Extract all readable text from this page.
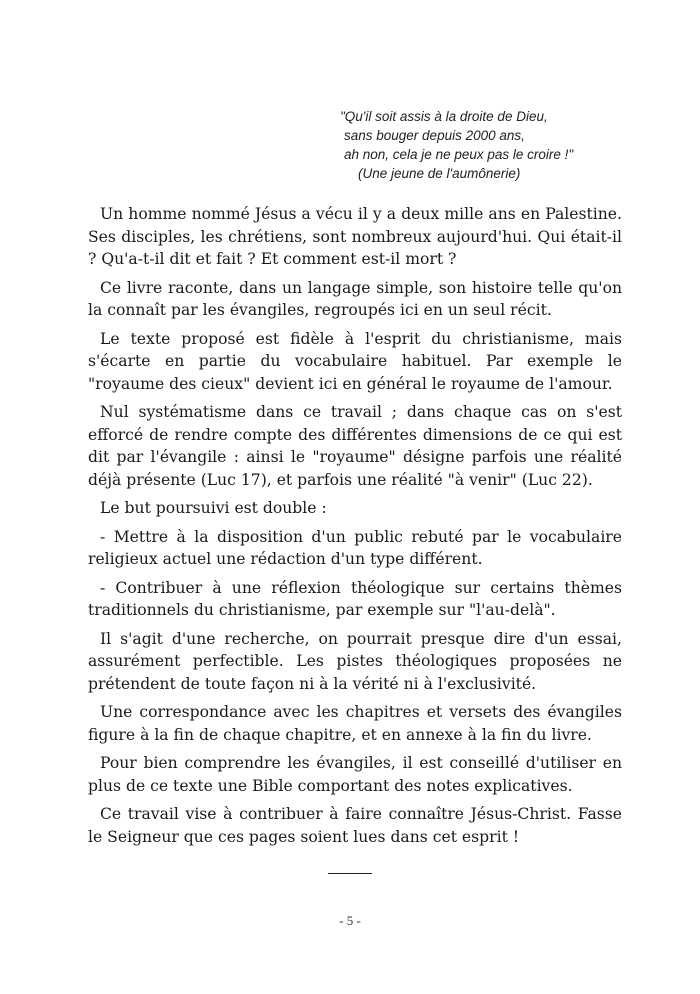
"Qu'il soit assis à la droite de Dieu,
sans bouger depuis 2000 ans,
ah non, cela je ne peux pas le croire !"
(Une jeune de l'aumônerie)

Un homme nommé Jésus a vécu il y a deux mille ans en Palestine. Ses disciples, les chrétiens, sont nombreux aujourd'hui. Qui était-il ? Qu'a-t-il dit et fait ? Et comment est-il mort ?

Ce livre raconte, dans un langage simple, son histoire telle qu'on la connaît par les évangiles, regroupés ici en un seul récit.

Le texte proposé est fidèle à l'esprit du christianisme, mais s'écarte en partie du vocabulaire habituel. Par exemple le "royaume des cieux" devient ici en général le royaume de l'amour.

Nul systématisme dans ce travail ; dans chaque cas on s'est efforcé de rendre compte des différentes dimensions de ce qui est dit par l'évangile : ainsi le "royaume" désigne parfois une réalité déjà présente (Luc 17), et parfois une réalité "à venir" (Luc 22).

Le but poursuivi est double :

- Mettre à la disposition d'un public rebuté par le vocabulaire religieux actuel une rédaction d'un type différent.

- Contribuer à une réflexion théologique sur certains thèmes traditionnels du christianisme, par exemple sur "l'au-delà".

Il s'agit d'une recherche, on pourrait presque dire d'un essai, assurément perfectible. Les pistes théologiques proposées ne prétendent de toute façon ni à la vérité ni à l'exclusivité.

Une correspondance avec les chapitres et versets des évangiles figure à la fin de chaque chapitre, et en annexe à la fin du livre.

Pour bien comprendre les évangiles, il est conseillé d'utiliser en plus de ce texte une Bible comportant des notes explicatives.

Ce travail vise à contribuer à faire connaître Jésus-Christ. Fasse le Seigneur que ces pages soient lues dans cet esprit !

- 5 -
